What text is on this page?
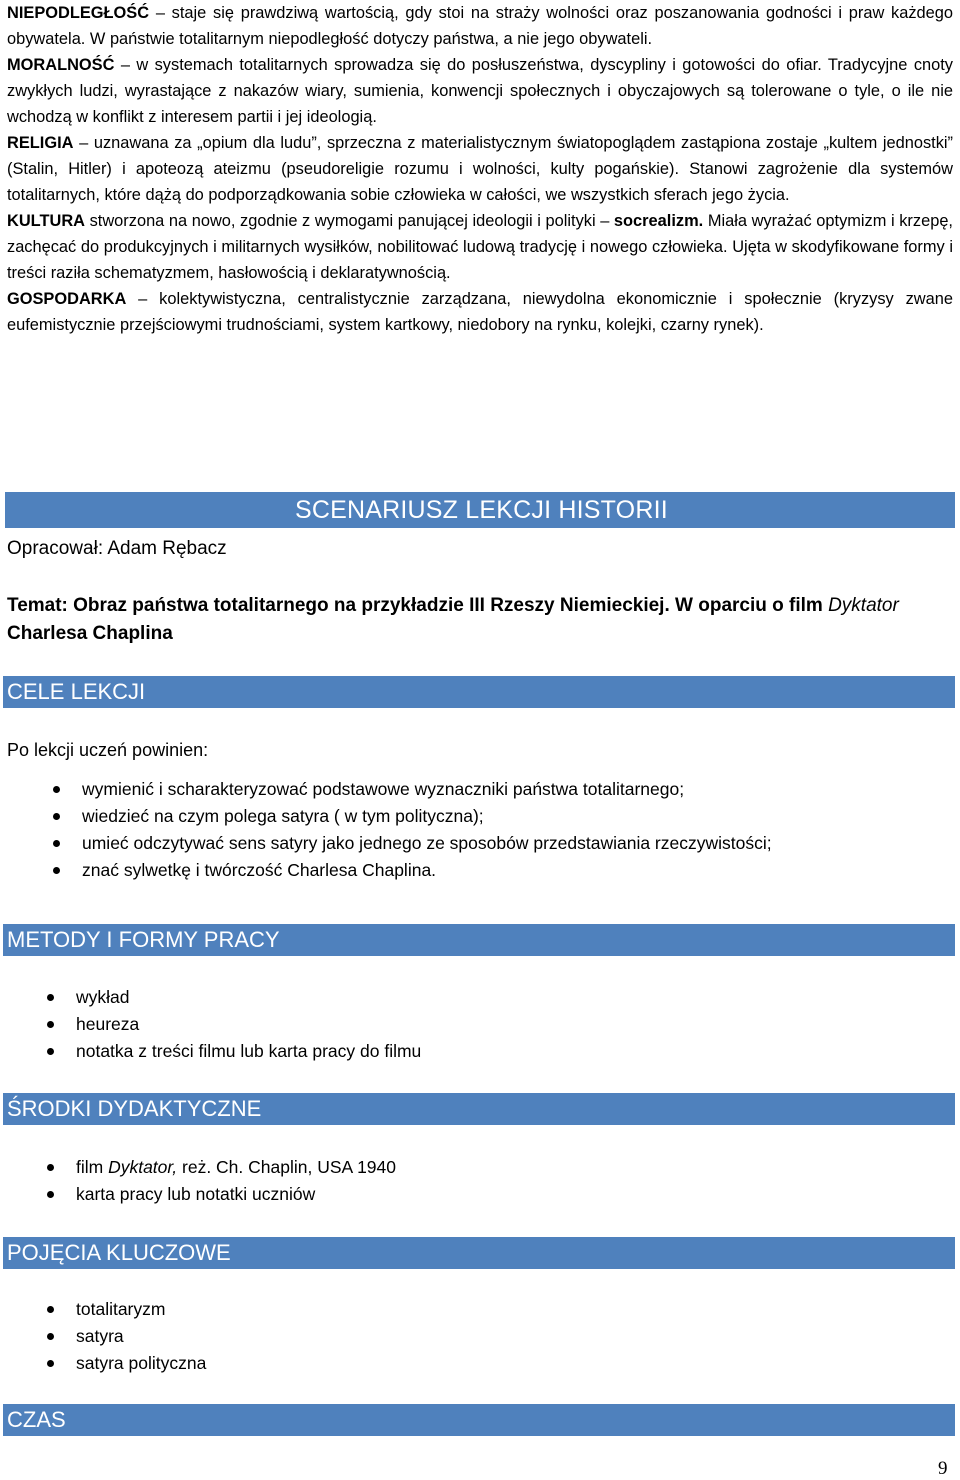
NIEPODLEGŁOŚĆ – staje się prawdziwą wartością, gdy stoi na straży wolności oraz poszanowania godności i praw każdego obywatela. W państwie totalitarnym niepodległość dotyczy państwa, a nie jego obywateli.

MORALNOŚĆ – w systemach totalitarnych sprowadza się do posłuszeństwa, dyscypliny i gotowości do ofiar. Tradycyjne cnoty zwykłych ludzi, wyrastające z nakazów wiary, sumienia, konwencji społecznych i obyczajowych są tolerowane o tyle, o ile nie wchodzą w konflikt z interesem partii i jej ideologią.

RELIGIA – uznawana za „opium dla ludu”, sprzeczna z materialistycznym światopoglądem zastąpiona zostaje „kultem jednostki” (Stalin, Hitler) i apoteozą ateizmu (pseudoreligie rozumu i wolności, kulty pogańskie). Stanowi zagrożenie dla systemów totalitarnych, które dążą do podporządkowania sobie człowieka w całości, we wszystkich sferach jego życia.

KULTURA stworzona na nowo, zgodnie z wymogami panującej ideologii i polityki – socrealizm. Miała wyrażać optymizm i krzepę, zachęcać do produkcyjnych i militarnych wysiłków, nobilitować ludową tradycję i nowego człowieka. Ujęta w skodyfikowane formy i treści raziła schematyzmem, hasłowością i deklaratywnością.

GOSPODARKA – kolektywistyczna, centralistycznie zarządzana, niewydolna ekonomicznie i społecznie (kryzysy zwane eufemistycznie przejściowymi trudnościami, system kartkowy, niedobory na rynku, kolejki, czarny rynek).

SCENARIUSZ LEKCJI HISTORII
Opracował: Adam Rębacz
Temat: Obraz państwa totalitarnego na przykładzie III Rzeszy Niemieckiej. W oparciu o film Dyktator Charlesa Chaplina
CELE LEKCJI
Po lekcji uczeń powinien:
wymienić i scharakteryzować podstawowe wyznaczniki państwa totalitarnego;
wiedzieć na czym polega satyra ( w tym polityczna);
umieć odczytywać sens satyry jako jednego ze sposobów przedstawiania rzeczywistości;
znać sylwetkę i twórczość Charlesa Chaplina.
METODY I FORMY PRACY
wykład
heureza
notatka z treści filmu lub karta pracy do filmu
ŚRODKI DYDAKTYCZNE
film Dyktator, reż. Ch. Chaplin, USA 1940
karta pracy lub notatki uczniów
POJĘCIA KLUCZOWE
totalitaryzm
satyra
satyra polityczna
CZAS
9
